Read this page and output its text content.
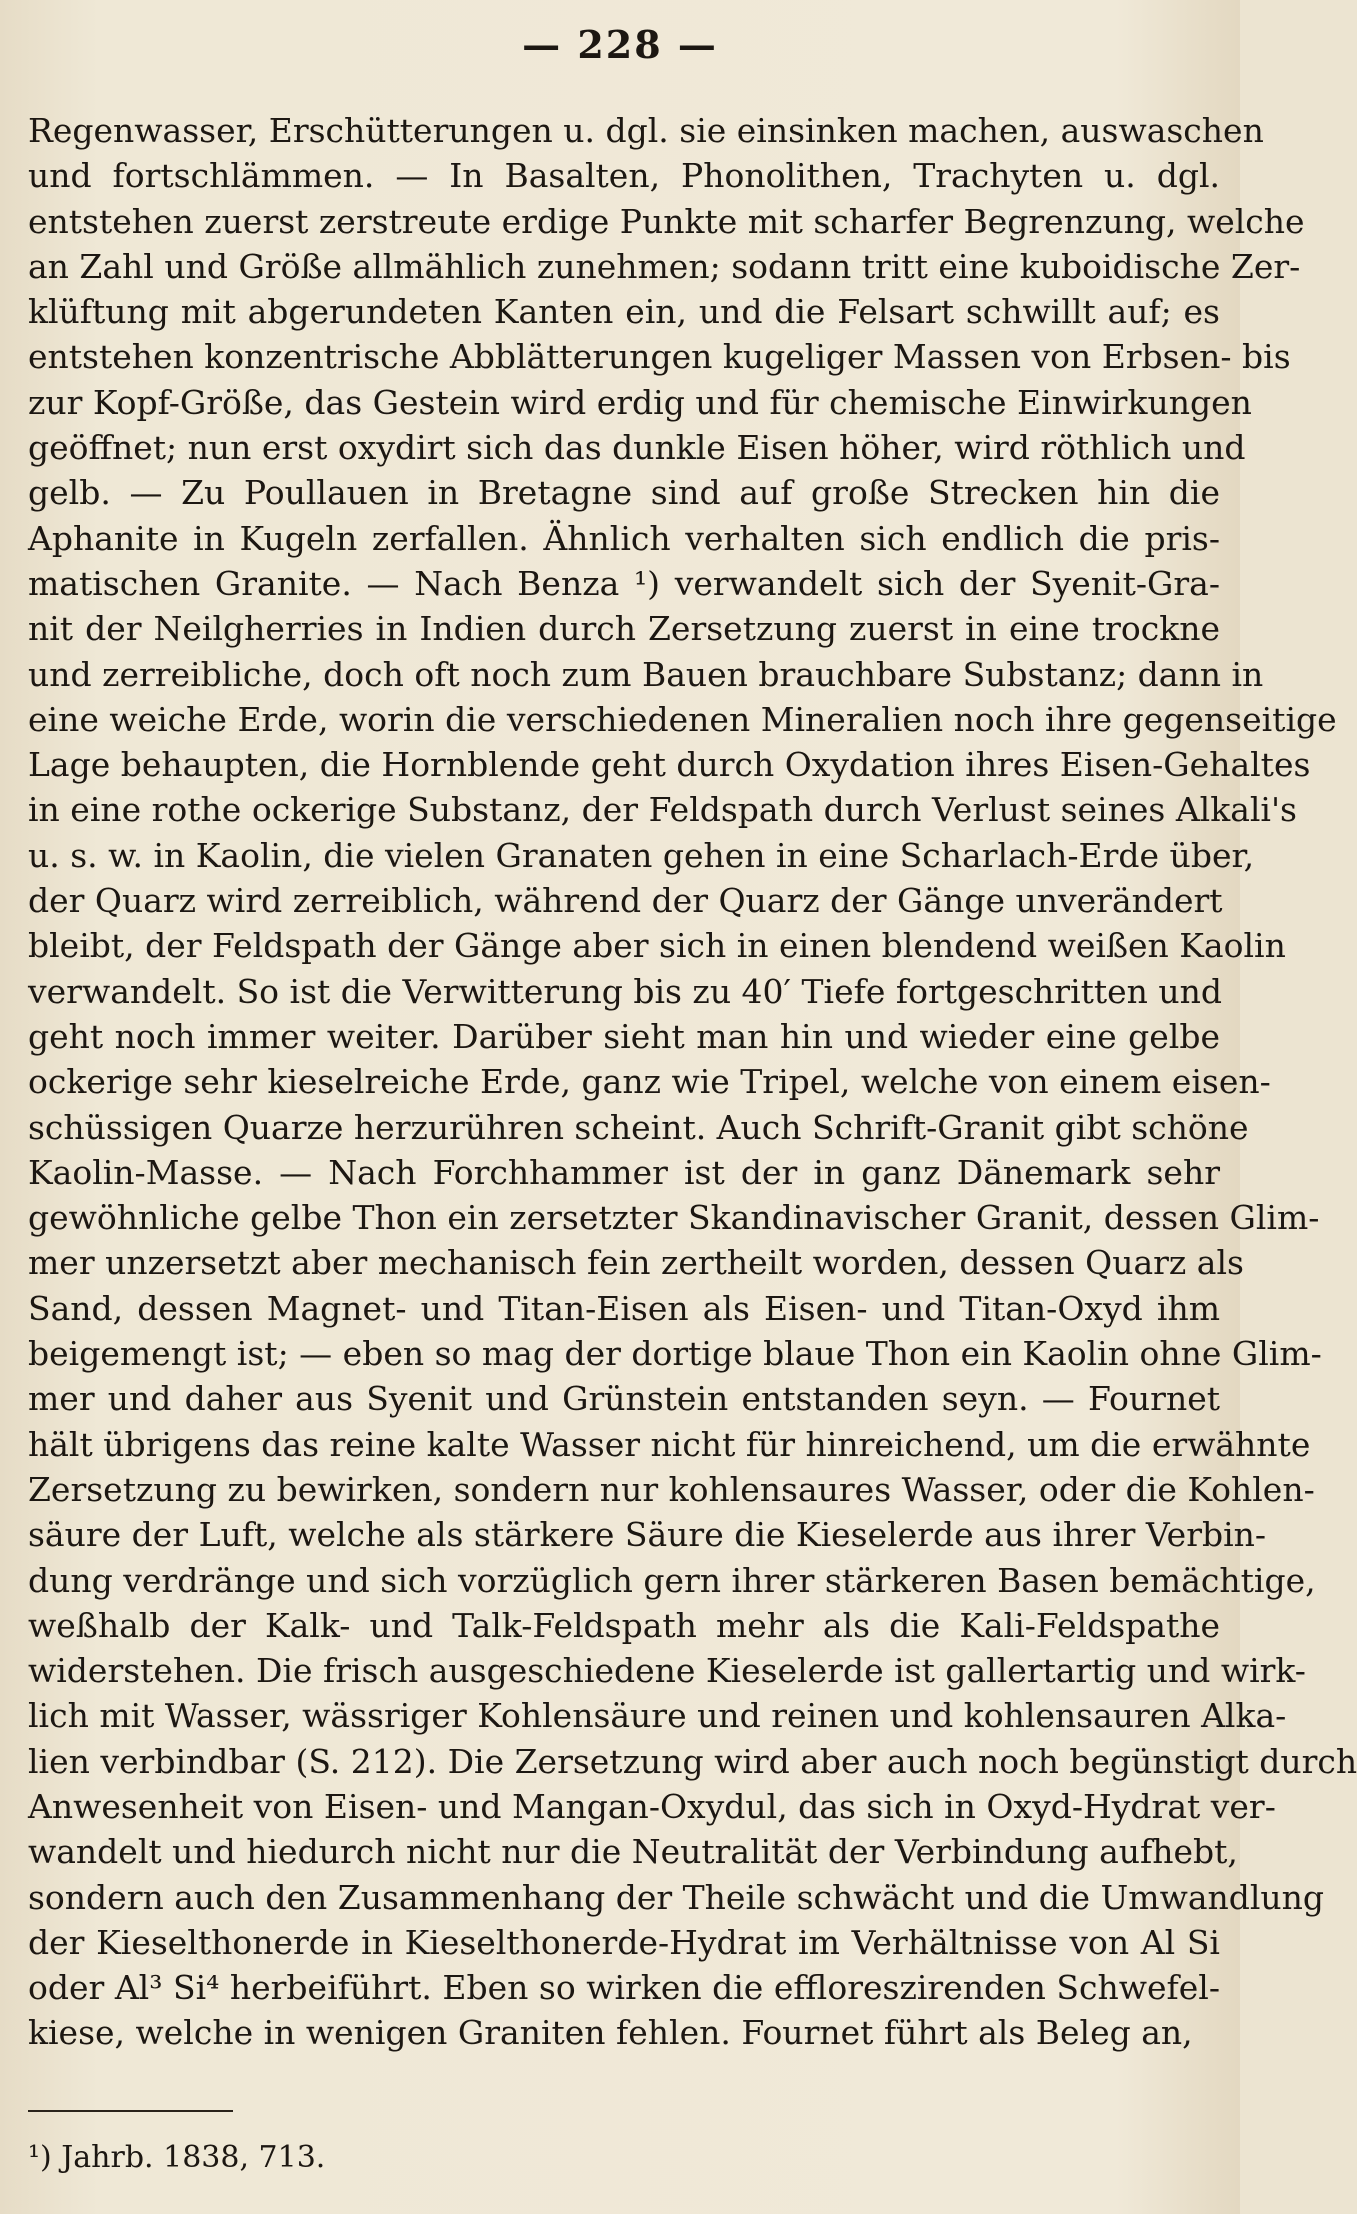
— 228 —
Regenwasser, Erschütterungen u. dgl. sie einsinken machen, auswaschen
und fortschlämmen. — In Basalten, Phonolithen, Trachyten u. dgl.
entstehen zuerst zerstreute erdige Punkte mit scharfer Begrenzung, welche
an Zahl und Größe allmählich zunehmen; sodann tritt eine kuboidische Zer-
klüftung mit abgerundeten Kanten ein, und die Felsart schwillt auf; es
entstehen konzentrische Abblätterungen kugeliger Massen von Erbsen- bis
zur Kopf-Größe, das Gestein wird erdig und für chemische Einwirkungen
geöffnet; nun erst oxydirt sich das dunkle Eisen höher, wird röthlich und
gelb. — Zu Poullauen in Bretagne sind auf große Strecken hin die
Aphanite in Kugeln zerfallen. Ähnlich verhalten sich endlich die pris-
matischen Granite. — Nach Benza ¹) verwandelt sich der Syenit-Gra-
nit der Neilgherries in Indien durch Zersetzung zuerst in eine trockne
und zerreibliche, doch oft noch zum Bauen brauchbare Substanz; dann in
eine weiche Erde, worin die verschiedenen Mineralien noch ihre gegenseitige
Lage behaupten, die Hornblende geht durch Oxydation ihres Eisen-Gehaltes
in eine rothe ockerige Substanz, der Feldspath durch Verlust seines Alkali's
u. s. w. in Kaolin, die vielen Granaten gehen in eine Scharlach-Erde über,
der Quarz wird zerreiblich, während der Quarz der Gänge unverändert
bleibt, der Feldspath der Gänge aber sich in einen blendend weißen Kaolin
verwandelt. So ist die Verwitterung bis zu 40′ Tiefe fortgeschritten und
geht noch immer weiter. Darüber sieht man hin und wieder eine gelbe
ockerige sehr kieselreiche Erde, ganz wie Tripel, welche von einem eisen-
schüssigen Quarze herzurühren scheint. Auch Schrift-Granit gibt schöne
Kaolin-Masse. — Nach Forchhammer ist der in ganz Dänemark sehr
gewöhnliche gelbe Thon ein zersetzter Skandinavischer Granit, dessen Glim-
mer unzersetzt aber mechanisch fein zertheilt worden, dessen Quarz als
Sand, dessen Magnet- und Titan-Eisen als Eisen- und Titan-Oxyd ihm
beigemengt ist; — eben so mag der dortige blaue Thon ein Kaolin ohne Glim-
mer und daher aus Syenit und Grünstein entstanden seyn. — Fournet
hält übrigens das reine kalte Wasser nicht für hinreichend, um die erwähnte
Zersetzung zu bewirken, sondern nur kohlensaures Wasser, oder die Kohlen-
säure der Luft, welche als stärkere Säure die Kieselerde aus ihrer Verbin-
dung verdränge und sich vorzüglich gern ihrer stärkeren Basen bemächtige,
weßhalb der Kalk- und Talk-Feldspath mehr als die Kali-Feldspathe
widerstehen. Die frisch ausgeschiedene Kieselerde ist gallertartig und wirk-
lich mit Wasser, wässriger Kohlensäure und reinen und kohlensauren Alka-
lien verbindbar (S. 212). Die Zersetzung wird aber auch noch begünstigt durch
Anwesenheit von Eisen- und Mangan-Oxydul, das sich in Oxyd-Hydrat ver-
wandelt und hiedurch nicht nur die Neutralität der Verbindung aufhebt,
sondern auch den Zusammenhang der Theile schwächt und die Umwandlung
der Kieselthonerde in Kieselthonerde-Hydrat im Verhältnisse von Al Si
oder Al³ Si⁴ herbeiführt. Eben so wirken die effloreszirenden Schwefel-
kiese, welche in wenigen Graniten fehlen. Fournet führt als Beleg an,
¹) Jahrb. 1838, 713.
